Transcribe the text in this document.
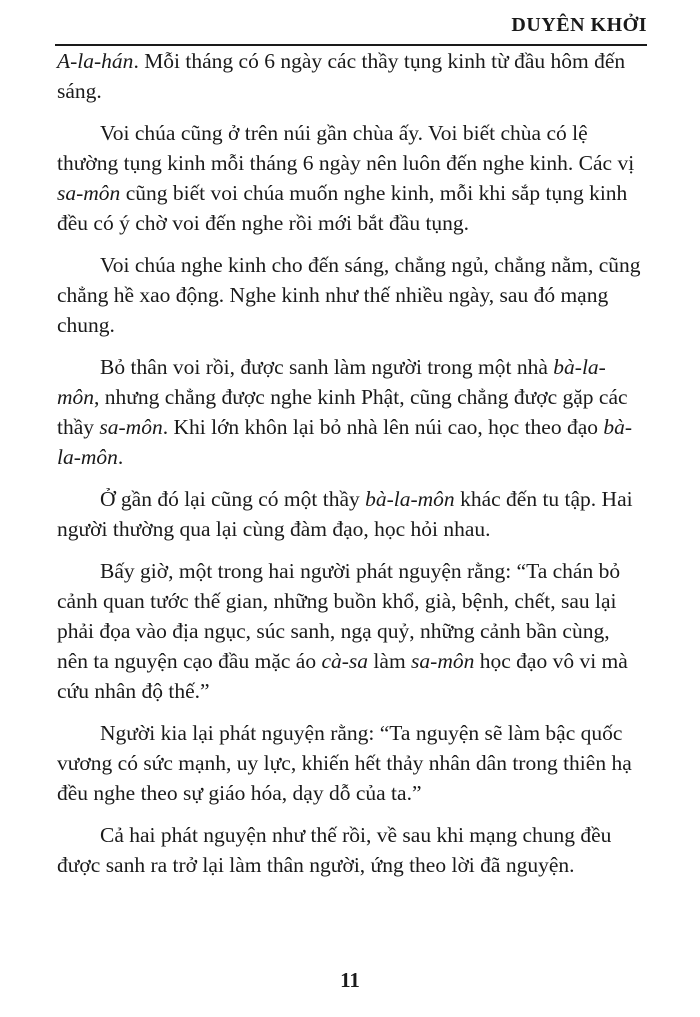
DUYÊN KHỞI

A-la-hán. Mỗi tháng có 6 ngày các thầy tụng kinh từ đầu hôm đến sáng.

Voi chúa cũng ở trên núi gần chùa ấy. Voi biết chùa có lệ thường tụng kinh mỗi tháng 6 ngày nên luôn đến nghe kinh. Các vị sa-môn cũng biết voi chúa muốn nghe kinh, mỗi khi sắp tụng kinh đều có ý chờ voi đến nghe rồi mới bắt đầu tụng.

Voi chúa nghe kinh cho đến sáng, chẳng ngủ, chẳng nằm, cũng chẳng hề xao động. Nghe kinh như thế nhiều ngày, sau đó mạng chung.

Bỏ thân voi rồi, được sanh làm người trong một nhà bà-la-môn, nhưng chẳng được nghe kinh Phật, cũng chẳng được gặp các thầy sa-môn. Khi lớn khôn lại bỏ nhà lên núi cao, học theo đạo bà-la-môn.

Ở gần đó lại cũng có một thầy bà-la-môn khác đến tu tập. Hai người thường qua lại cùng đàm đạo, học hỏi nhau.

Bấy giờ, một trong hai người phát nguyện rằng: “Ta chán bỏ cảnh quan tước thế gian, những buồn khổ, già, bệnh, chết, sau lại phải đọa vào địa ngục, súc sanh, ngạ quỷ, những cảnh bần cùng, nên ta nguyện cạo đầu mặc áo cà-sa làm sa-môn học đạo vô vi mà cứu nhân độ thế.”

Người kia lại phát nguyện rằng: “Ta nguyện sẽ làm bậc quốc vương có sức mạnh, uy lực, khiến hết thảy nhân dân trong thiên hạ đều nghe theo sự giáo hóa, dạy dỗ của ta.”

Cả hai phát nguyện như thế rồi, về sau khi mạng chung đều được sanh ra trở lại làm thân người, ứng theo lời đã nguyện.

11
